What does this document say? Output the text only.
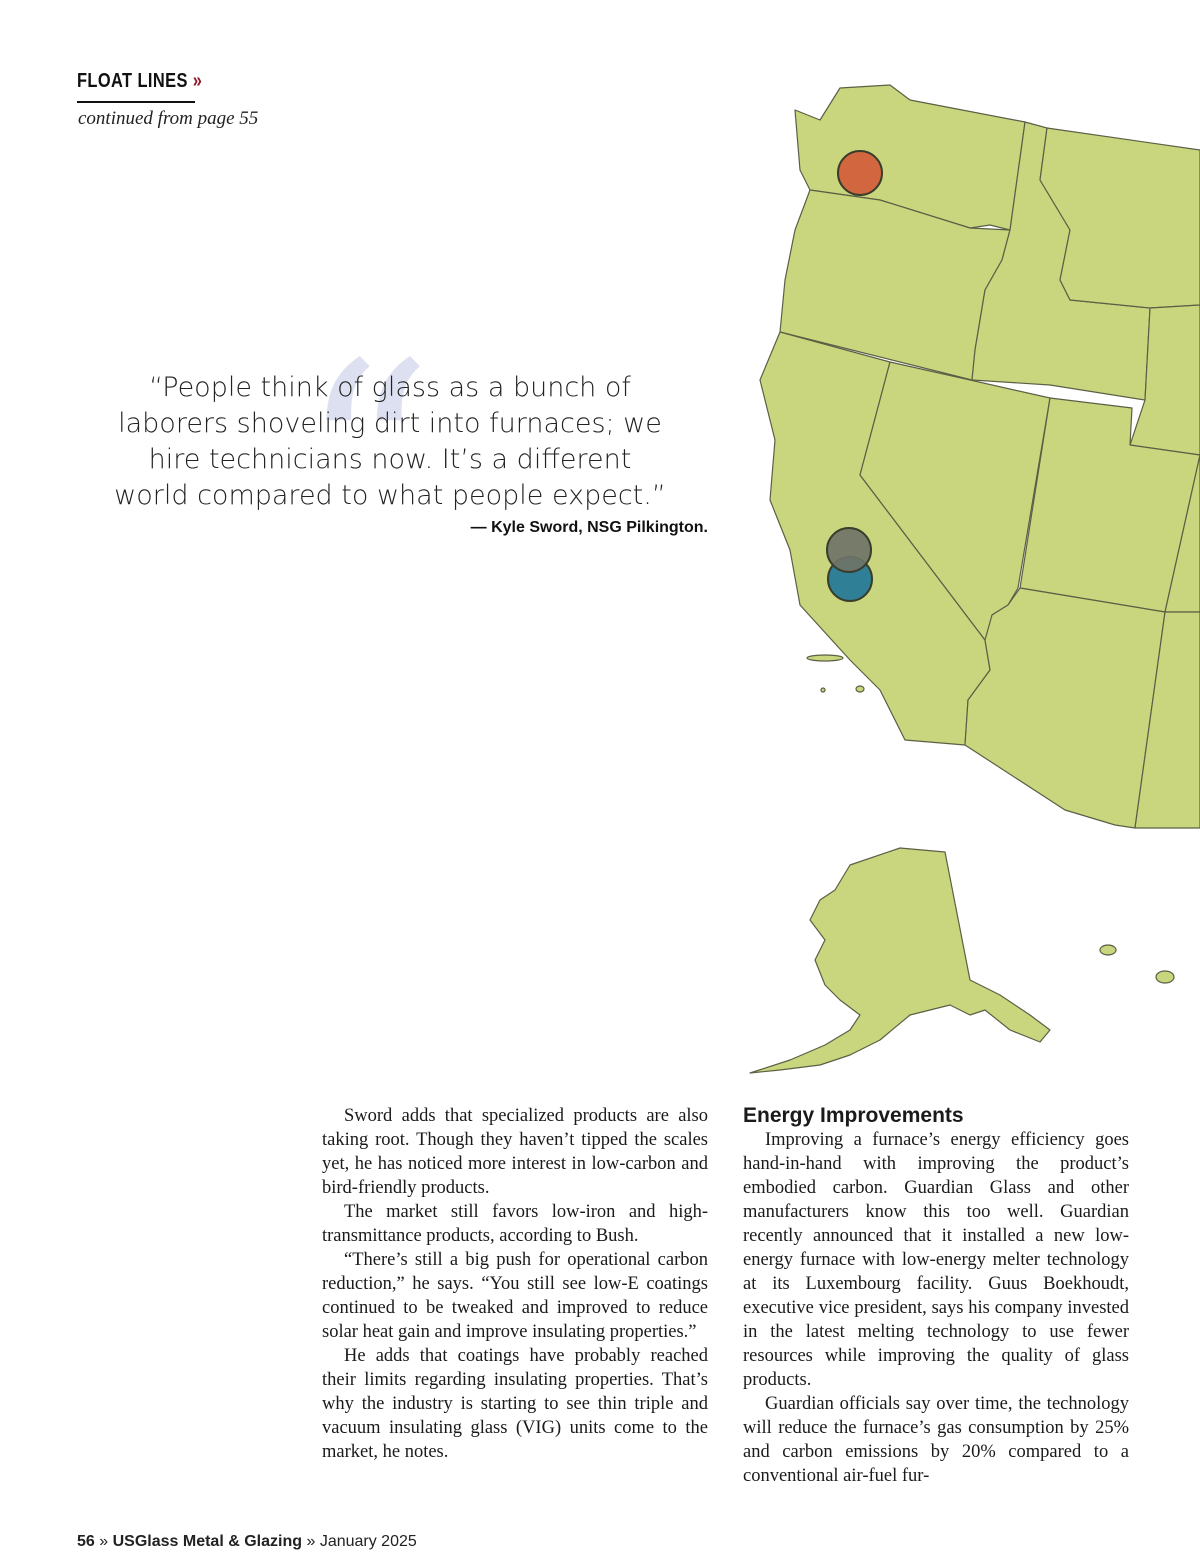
FLOAT LINES »
continued from page 55
“
“People think of glass as a bunch of laborers shoveling dirt into furnaces; we hire technicians now. It’s a different world compared to what people expect.”
— Kyle Sword, NSG Pilkington.

Sword adds that specialized products are also taking root. Though they haven’t tipped the scales yet, he has noticed more interest in low-carbon and bird-friendly products.

The market still favors low-iron and high-transmittance products, according to Bush.

“There’s still a big push for operational carbon reduction,” he says. “You still see low-E coatings continued to be tweaked and improved to reduce solar heat gain and improve insulating properties.”

He adds that coatings have probably reached their limits regarding insulating properties. That’s why the industry is starting to see thin triple and vacuum insulating glass (VIG) units come to the market, he notes.

Energy Improvements

Improving a furnace’s energy efficiency goes hand-in-hand with improving the product’s embodied carbon. Guardian Glass and other manufacturers know this too well. Guardian recently announced that it installed a new low-energy furnace with low-energy melter technology at its Luxembourg facility. Guus Boekhoudt, executive vice president, says his company invested in the latest melting technology to use fewer resources while improving the quality of glass products.

Guardian officials say over time, the technology will reduce the furnace’s gas consumption by 25% and carbon emissions by 20% compared to a conventional air-fuel fur-

56 » USGlass Metal & Glazing » January 2025
